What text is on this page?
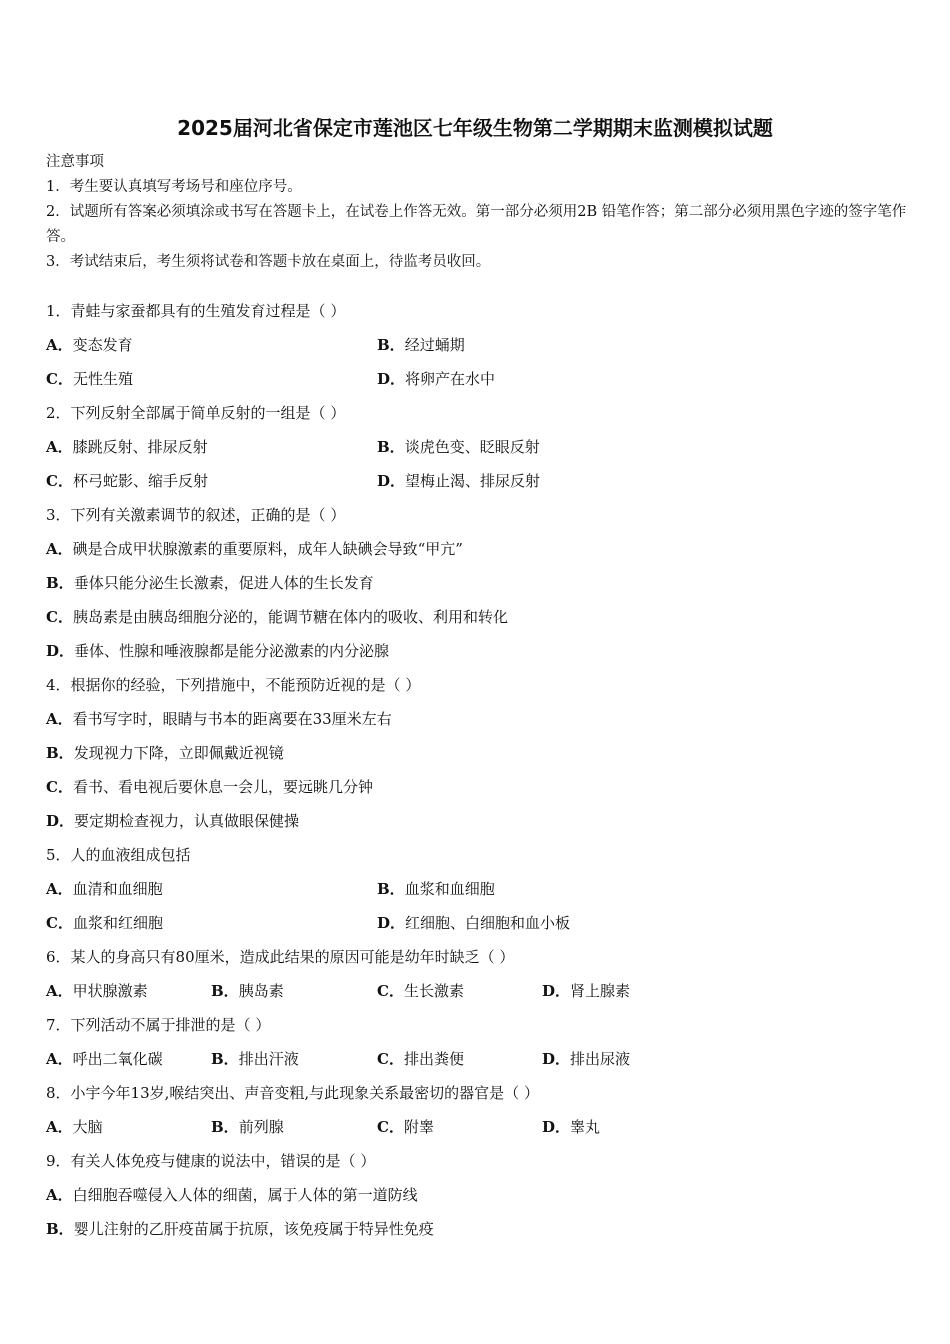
2025届河北省保定市莲池区七年级生物第二学期期末监测模拟试题
注意事项
1．考生要认真填写考场号和座位序号。
2．试题所有答案必须填涂或书写在答题卡上，在试卷上作答无效。第一部分必须用2B 铅笔作答；第二部分必须用黑色字迹的签字笔作答。
3．考试结束后，考生须将试卷和答题卡放在桌面上，待监考员收回。
1．青蛙与家蚕都具有的生殖发育过程是（ ）
A．变态发育	B．经过蛹期
C．无性生殖	D．将卵产在水中
2．下列反射全部属于简单反射的一组是（ ）
A．膝跳反射、排尿反射	B．谈虎色变、眨眼反射
C．杯弓蛇影、缩手反射	D．望梅止渴、排尿反射
3．下列有关激素调节的叙述，正确的是（ ）
A．碘是合成甲状腺激素的重要原料，成年人缺碘会导致“甲亢”
B．垂体只能分泌生长激素，促进人体的生长发育
C．胰岛素是由胰岛细胞分泌的，能调节糖在体内的吸收、利用和转化
D．垂体、性腺和唾液腺都是能分泌激素的内分泌腺
4．根据你的经验，下列措施中，不能预防近视的是（ ）
A．看书写字时，眼睛与书本的距离要在33厘米左右
B．发现视力下降，立即佩戴近视镜
C．看书、看电视后要休息一会儿，要远眺几分钟
D．要定期检查视力，认真做眼保健操
5．人的血液组成包括
A．血清和血细胞	B．血浆和血细胞
C．血浆和红细胞	D．红细胞、白细胞和血小板
6．某人的身高只有80厘米，造成此结果的原因可能是幼年时缺乏（ ）
A．甲状腺激素	B．胰岛素	C．生长激素	D．肾上腺素
7．下列活动不属于排泄的是（ ）
A．呼出二氧化碳	B．排出汗液	C．排出粪便	D．排出尿液
8．小宇今年13岁,喉结突出、声音变粗,与此现象关系最密切的器官是（ ）
A．大脑	B．前列腺	C．附睾	D．睾丸
9．有关人体免疫与健康的说法中，错误的是（ ）
A．白细胞吞噬侵入人体的细菌，属于人体的第一道防线
B．婴儿注射的乙肝疫苗属于抗原，该免疫属于特异性免疫
